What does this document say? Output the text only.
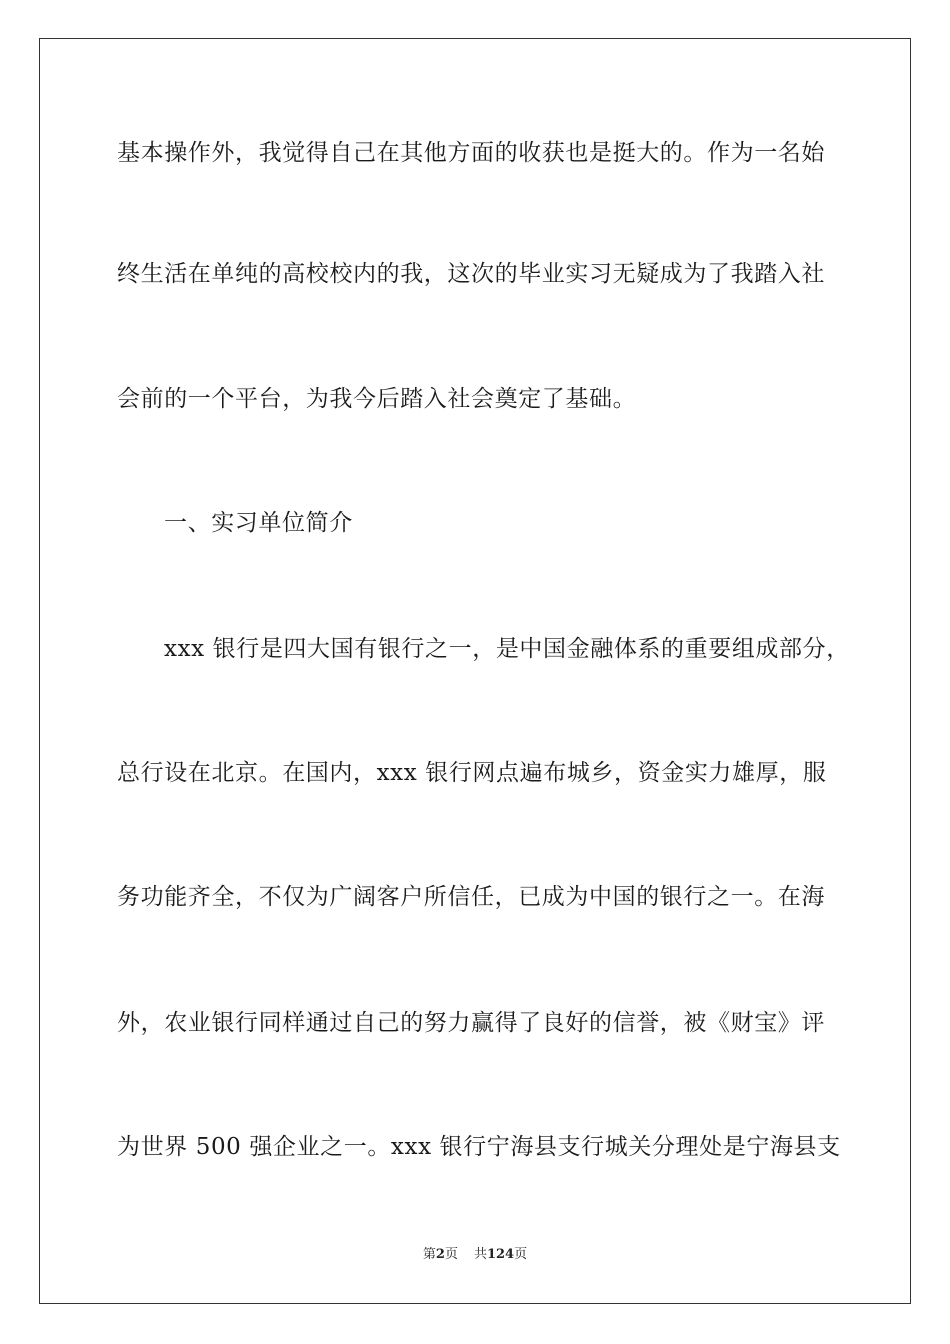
基本操作外，我觉得自己在其他方面的收获也是挺大的。作为一名始
终生活在单纯的高校校内的我，这次的毕业实习无疑成为了我踏入社
会前的一个平台，为我今后踏入社会奠定了基础。
一、实习单位简介
xxx 银行是四大国有银行之一，是中国金融体系的重要组成部分，
总行设在北京。在国内，xxx 银行网点遍布城乡，资金实力雄厚，服
务功能齐全，不仅为广阔客户所信任，已成为中国的银行之一。在海
外，农业银行同样通过自己的努力赢得了良好的信誉，被《财宝》评
为世界 500 强企业之一。xxx 银行宁海县支行城关分理处是宁海县支
第2页 共124页
